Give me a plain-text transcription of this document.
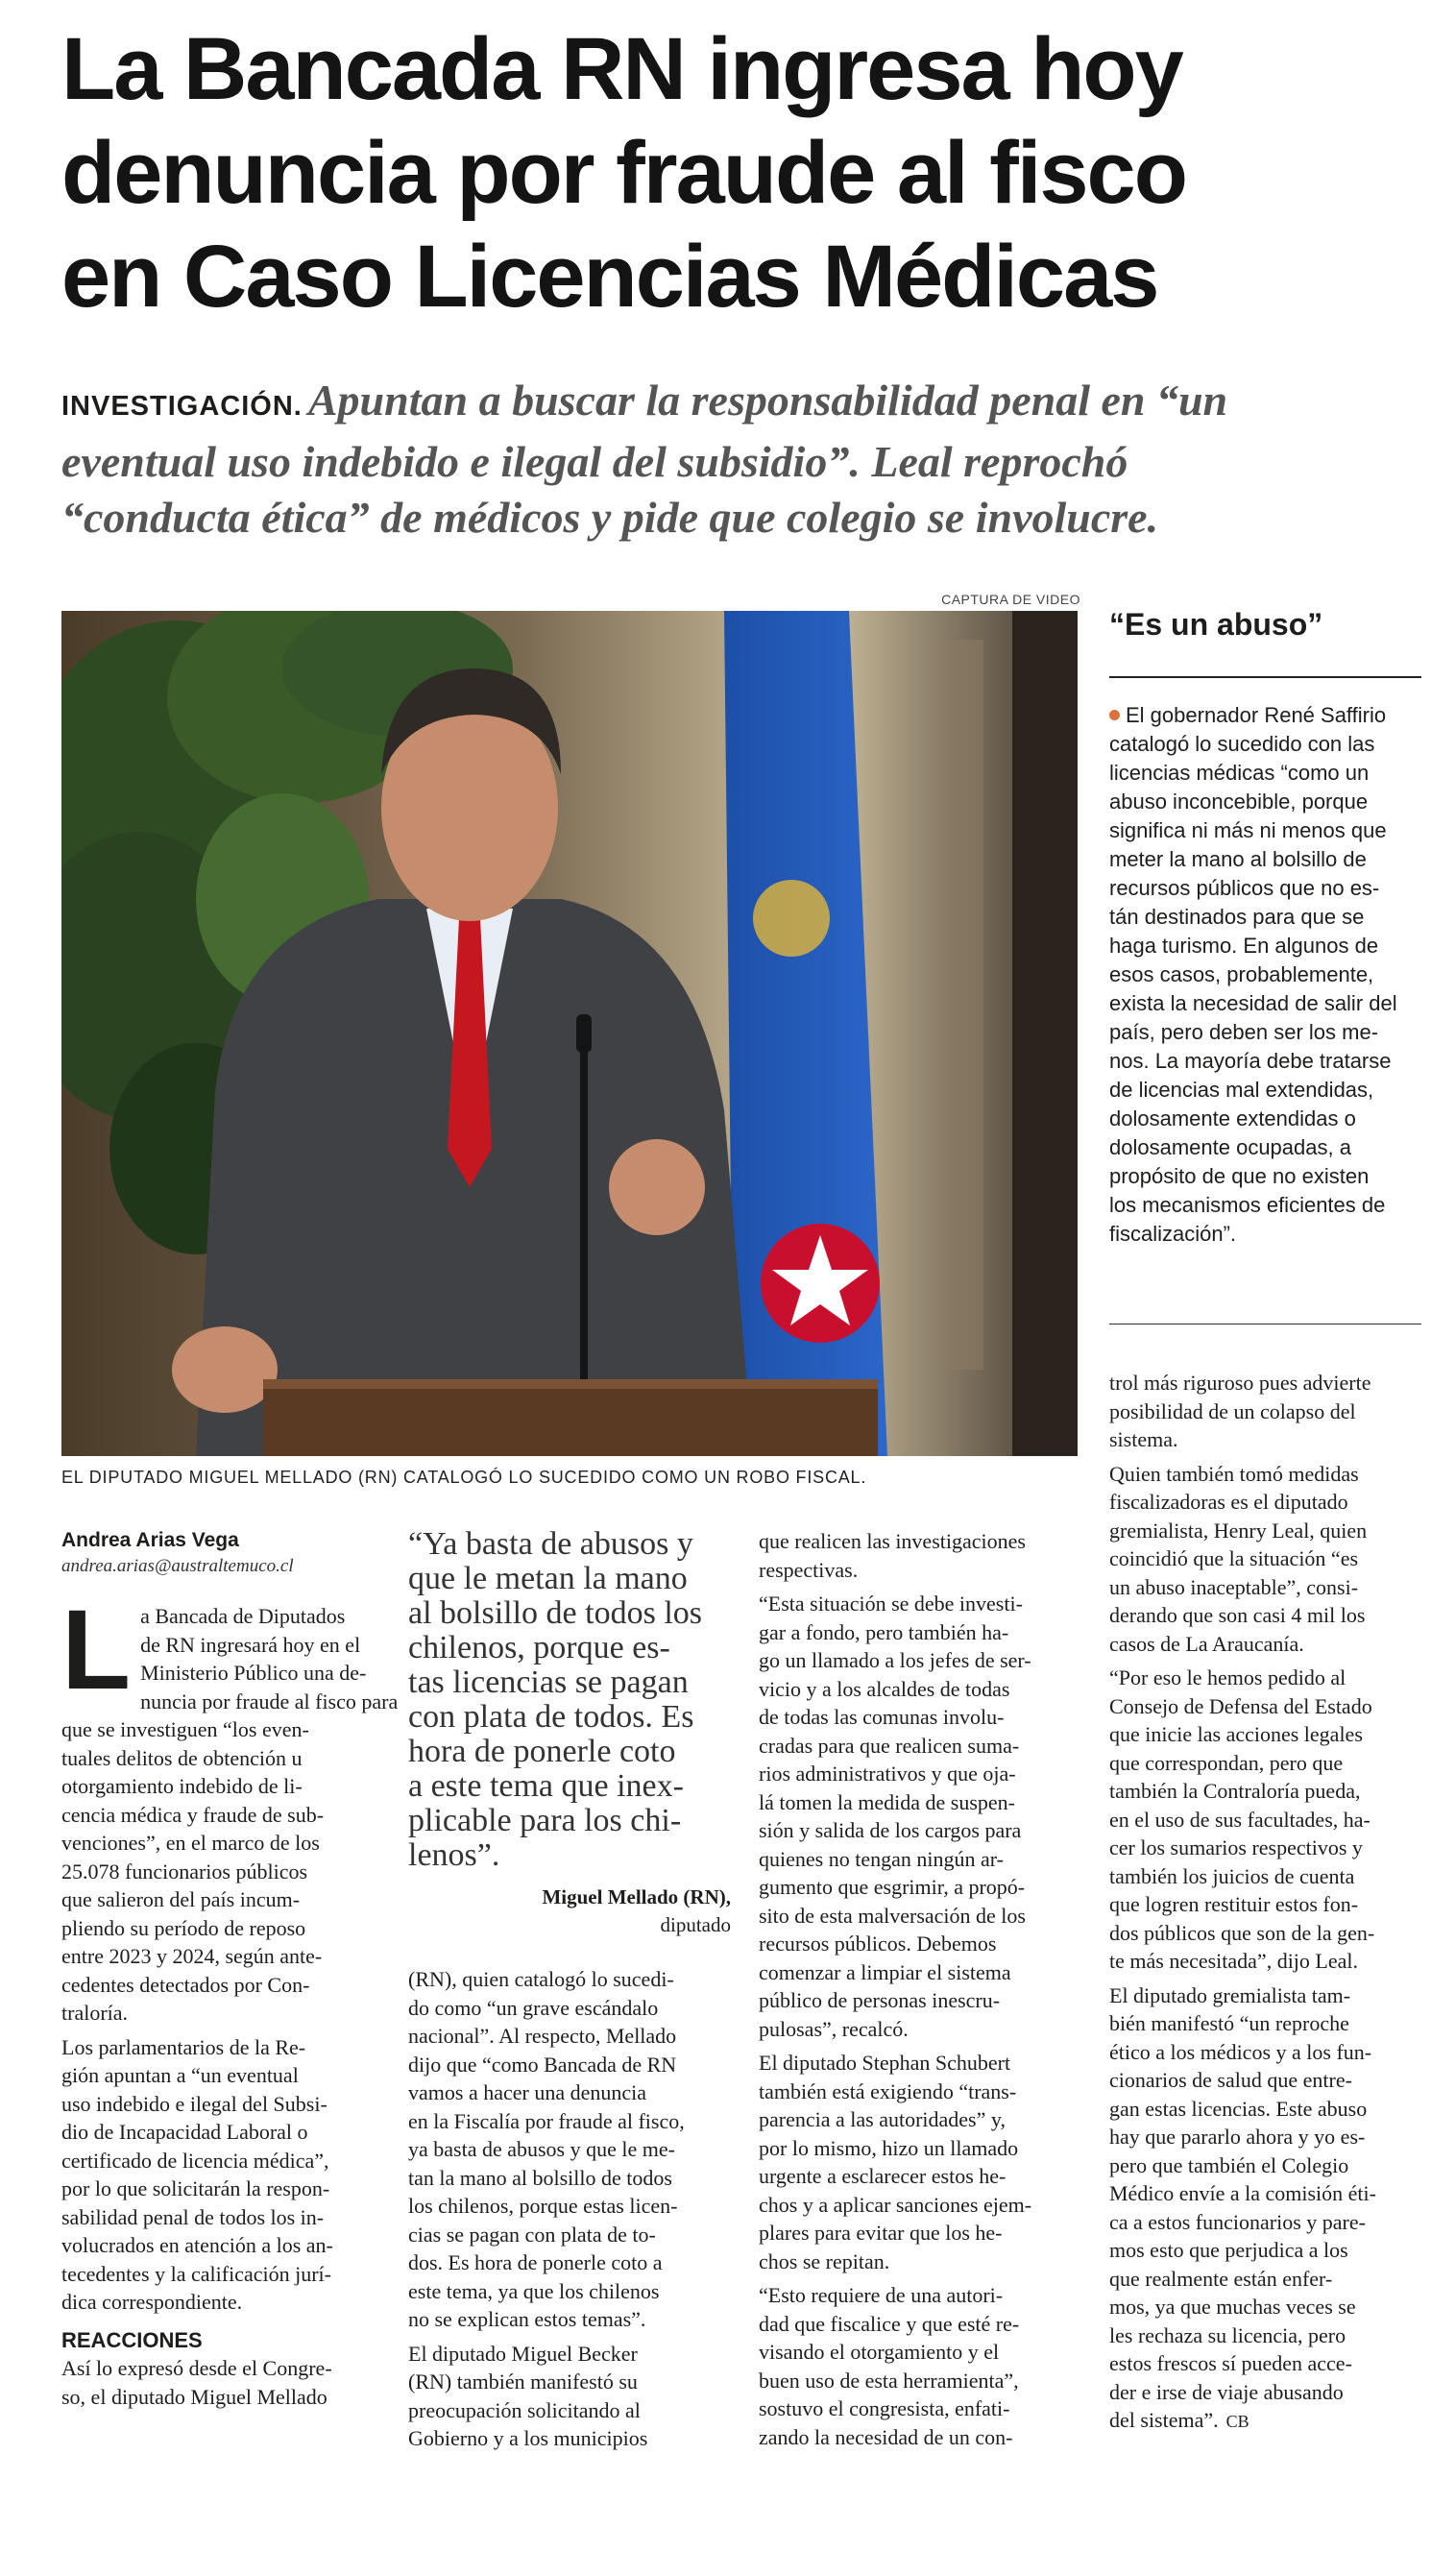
La Bancada RN ingresa hoy
denuncia por fraude al fisco
en Caso Licencias Médicas
INVESTIGACIÓN. Apuntan a buscar la responsabilidad penal en “un
eventual uso indebido e ilegal del subsidio”. Leal reprochó
“conducta ética” de médicos y pide que colegio se involucre.
CAPTURA DE VIDEO
EL DIPUTADO MIGUEL MELLADO (RN) CATALOGÓ LO SUCEDIDO COMO UN ROBO FISCAL.
“Es un abuso”
El gobernador René Saffirio
catalogó lo sucedido con las
licencias médicas “como un
abuso inconcebible, porque
significa ni más ni menos que
meter la mano al bolsillo de
recursos públicos que no es-
tán destinados para que se
haga turismo. En algunos de
esos casos, probablemente,
exista la necesidad de salir del
país, pero deben ser los me-
nos. La mayoría debe tratarse
de licencias mal extendidas,
dolosamente extendidas o
dolosamente ocupadas, a
propósito de que no existen
los mecanismos eficientes de
fiscalización”.
Andrea Arias Vega
andrea.arias@australtemuco.cl
L a Bancada de Diputados
de RN ingresará hoy en el
Ministerio Público una de-
nuncia por fraude al fisco para
que se investiguen “los even-
tuales delitos de obtención u
otorgamiento indebido de li-
cencia médica y fraude de sub-
venciones”, en el marco de los
25.078 funcionarios públicos
que salieron del país incum-
pliendo su período de reposo
entre 2023 y 2024, según ante-
cedentes detectados por Con-
traloría.
Los parlamentarios de la Re-
gión apuntan a “un eventual
uso indebido e ilegal del Subsi-
dio de Incapacidad Laboral o
certificado de licencia médica”,
por lo que solicitarán la respon-
sabilidad penal de todos los in-
volucrados en atención a los an-
tecedentes y la calificación jurí-
dica correspondiente.
REACCIONES
Así lo expresó desde el Congre-
so, el diputado Miguel Mellado
“Ya basta de abusos y
que le metan la mano
al bolsillo de todos los
chilenos, porque es-
tas licencias se pagan
con plata de todos. Es
hora de ponerle coto
a este tema que inex-
plicable para los chi-
lenos”.
Miguel Mellado (RN),
diputado
(RN), quien catalogó lo sucedi-
do como “un grave escándalo
nacional”. Al respecto, Mellado
dijo que “como Bancada de RN
vamos a hacer una denuncia
en la Fiscalía por fraude al fisco,
ya basta de abusos y que le me-
tan la mano al bolsillo de todos
los chilenos, porque estas licen-
cias se pagan con plata de to-
dos. Es hora de ponerle coto a
este tema, ya que los chilenos
no se explican estos temas”.
El diputado Miguel Becker
(RN) también manifestó su
preocupación solicitando al
Gobierno y a los municipios
que realicen las investigaciones
respectivas.
“Esta situación se debe investi-
gar a fondo, pero también ha-
go un llamado a los jefes de ser-
vicio y a los alcaldes de todas
de todas las comunas involu-
cradas para que realicen suma-
rios administrativos y que oja-
lá tomen la medida de suspen-
sión y salida de los cargos para
quienes no tengan ningún ar-
gumento que esgrimir, a propó-
sito de esta malversación de los
recursos públicos. Debemos
comenzar a limpiar el sistema
público de personas inescru-
pulosas”, recalcó.
El diputado Stephan Schubert
también está exigiendo “trans-
parencia a las autoridades” y,
por lo mismo, hizo un llamado
urgente a esclarecer estos he-
chos y a aplicar sanciones ejem-
plares para evitar que los he-
chos se repitan.
“Esto requiere de una autori-
dad que fiscalice y que esté re-
visando el otorgamiento y el
buen uso de esta herramienta”,
sostuvo el congresista, enfati-
zando la necesidad de un con-
trol más riguroso pues advierte
posibilidad de un colapso del
sistema.
Quien también tomó medidas
fiscalizadoras es el diputado
gremialista, Henry Leal, quien
coincidió que la situación “es
un abuso inaceptable”, consi-
derando que son casi 4 mil los
casos de La Araucanía.
“Por eso le hemos pedido al
Consejo de Defensa del Estado
que inicie las acciones legales
que correspondan, pero que
también la Contraloría pueda,
en el uso de sus facultades, ha-
cer los sumarios respectivos y
también los juicios de cuenta
que logren restituir estos fon-
dos públicos que son de la gen-
te más necesitada”, dijo Leal.
El diputado gremialista tam-
bién manifestó “un reproche
ético a los médicos y a los fun-
cionarios de salud que entre-
gan estas licencias. Este abuso
hay que pararlo ahora y yo es-
pero que también el Colegio
Médico envíe a la comisión éti-
ca a estos funcionarios y pare-
mos esto que perjudica a los
que realmente están enfer-
mos, ya que muchas veces se
les rechaza su licencia, pero
estos frescos sí pueden acce-
der e irse de viaje abusando
del sistema”. CB
